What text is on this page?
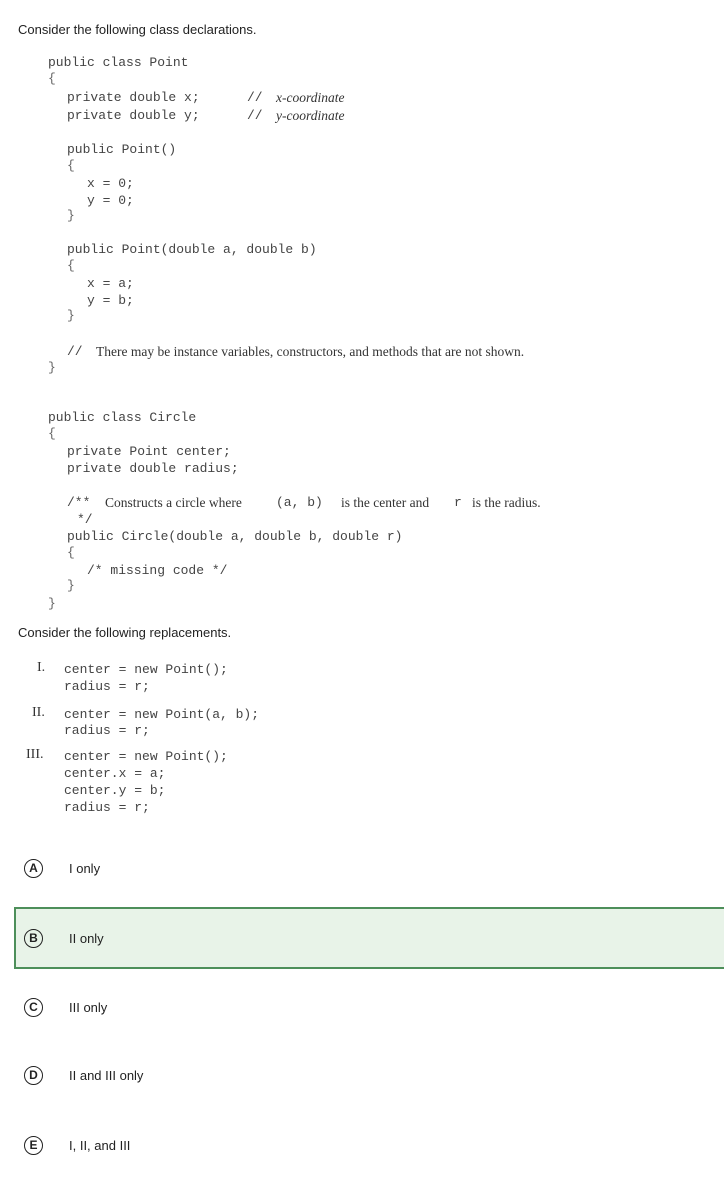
Consider the following class declarations.
public class Point
{
private double x;	// x-coordinate
private double y;	// y-coordinate
public Point()
{
x = 0;
y = 0;
}
public Point(double a, double b)
{
x = a;
y = b;
}
// There may be instance variables, constructors, and methods that are not shown.
}
public class Circle
{
private Point center;
private double radius;
/** Constructs a circle where	(a, b) is the center and r is the radius.
*/
public Circle(double a, double b, double r)
{
/* missing code */
}
}
Consider the following replacements.
I. center = new Point();
radius = r;
II. center = new Point(a, b);
radius = r;
III. center = new Point();
center.x = a;
center.y = b;
radius = r;
A	I only
B	II only
C	III only
D	II and III only
E	I, II, and III
